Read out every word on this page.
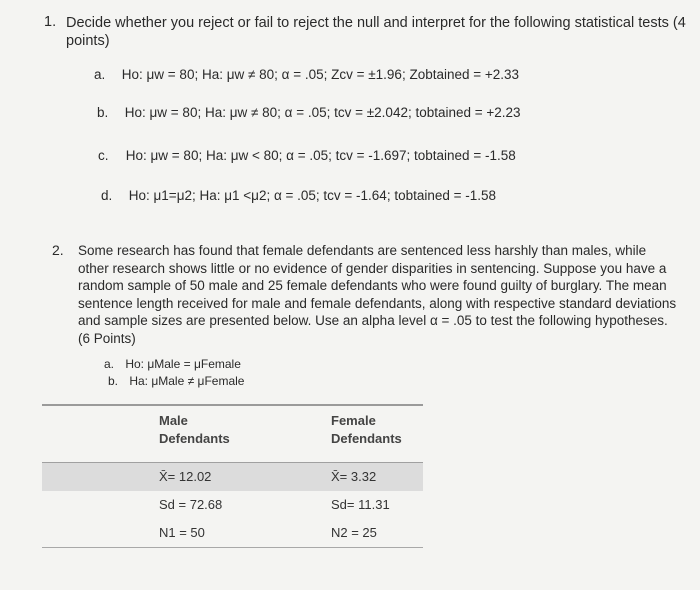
1. Decide whether you reject or fail to reject the null and interpret for the following statistical tests (4 points)
a. Ho: μw = 80; Ha: μw ≠ 80; α = .05; Zcv = ±1.96; Zobtained = +2.33
b. Ho: μw = 80; Ha: μw ≠ 80; α = .05; tcv = ±2.042; tobtained = +2.23
c. Ho: μw = 80; Ha: μw < 80; α = .05; tcv = -1.697; tobtained = -1.58
d. Ho: μ1=μ2; Ha: μ1 <μ2; α = .05; tcv = -1.64; tobtained = -1.58
2. Some research has found that female defendants are sentenced less harshly than males, while other research shows little or no evidence of gender disparities in sentencing. Suppose you have a random sample of 50 male and 25 female defendants who were found guilty of burglary. The mean sentence length received for male and female defendants, along with respective standard deviations and sample sizes are presented below. Use an alpha level α = .05 to test the following hypotheses. (6 Points)
a. Ho: μMale = μFemale
b. Ha: μMale ≠ μFemale

	Male Defendants	Female Defendants

	X̄= 12.02	X̄= 3.32
	Sd = 72.68	Sd= 11.31
	N1 = 50	N2 = 25
